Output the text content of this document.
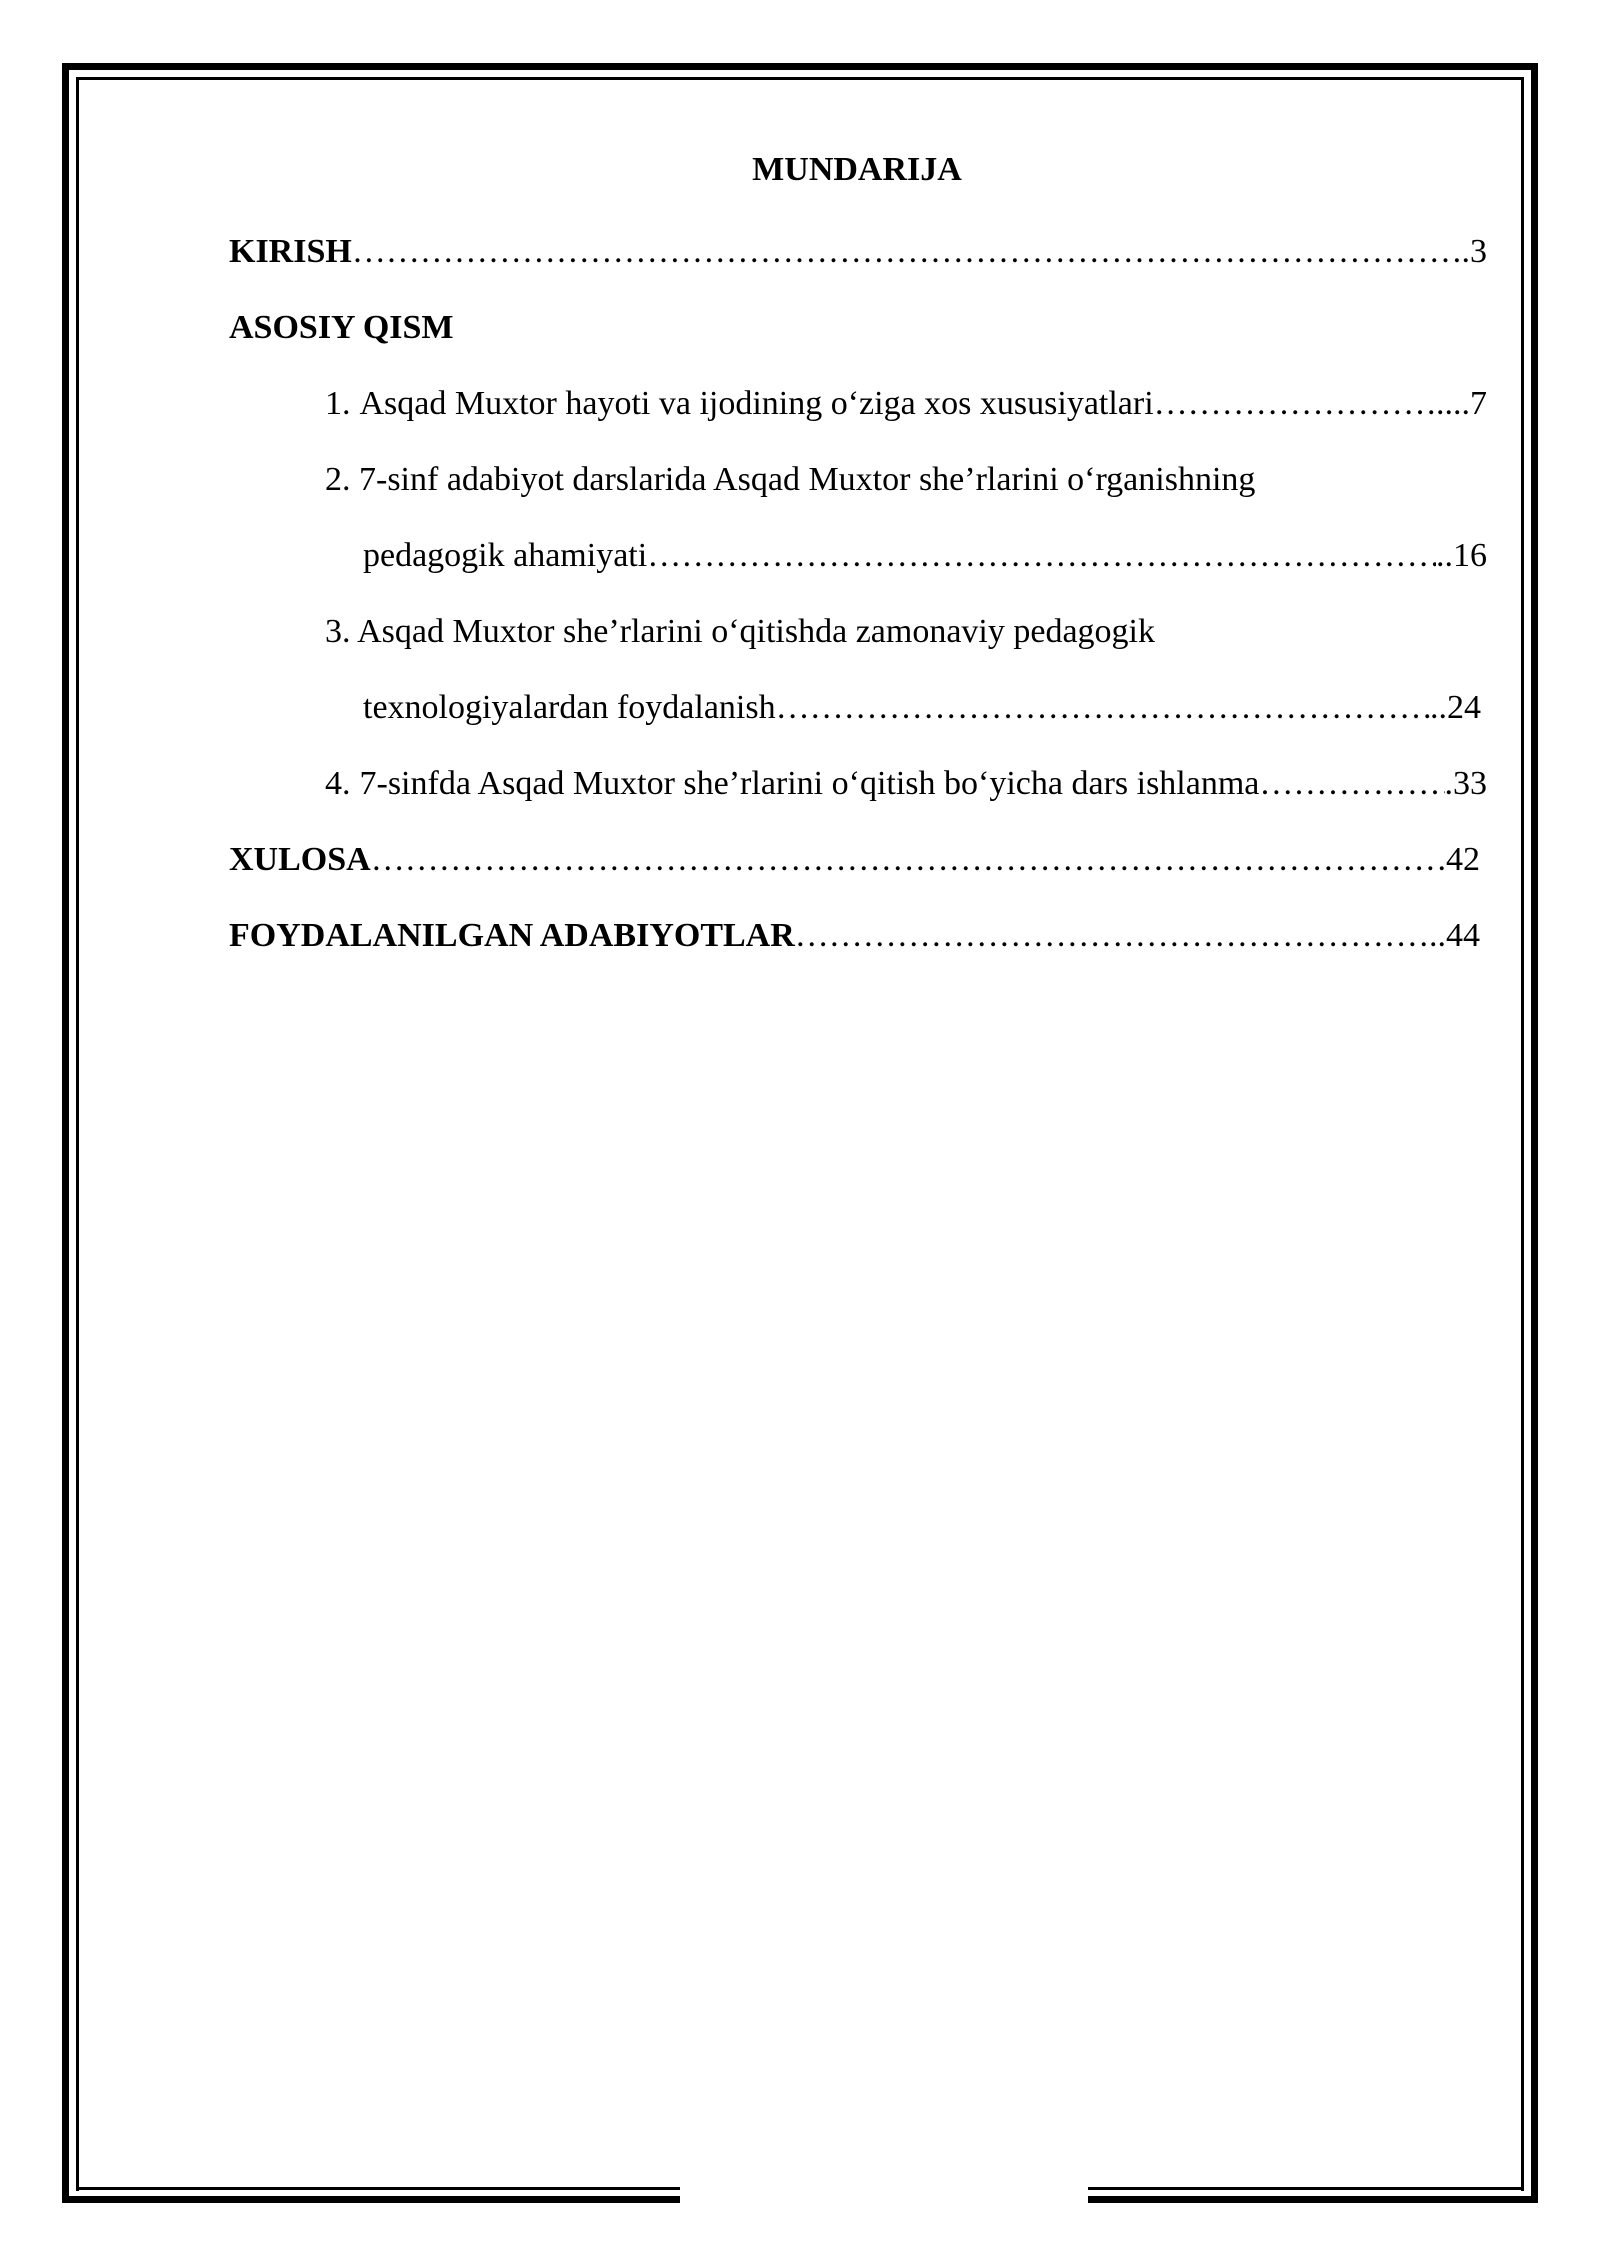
MUNDARIJA
KIRISH …………………………………………………………………………………………………………………………………………………………………………………………………	.3
ASOSIY QISM
1. Asqad Muxtor hayoti va ijodining o‘ziga xos xususiyatlari …………………………………………………………………………………………………………………………………………………………………………………………………	....7
2. 7-sinf adabiyot darslarida Asqad Muxtor she’rlarini o‘rganishning
pedagogik ahamiyati …………………………………………………………………………………………………………………………………………………………………………………………………	..16
3. Asqad Muxtor she’rlarini o‘qitishda zamonaviy pedagogik
texnologiyalardan foydalanish …………………………………………………………………………………………………………………………………………………………………………………………………	..24
4. 7-sinfda Asqad Muxtor she’rlarini o‘qitish bo‘yicha dars ishlanma …………………………………………………………………………………………………………………………………………………………………………………………………	.33
XULOSA …………………………………………………………………………………………………………………………………………………………………………………………………	42
FOYDALANILGAN ADABIYOTLAR …………………………………………………………………………………………………………………………………………………………………………………………………	..44
